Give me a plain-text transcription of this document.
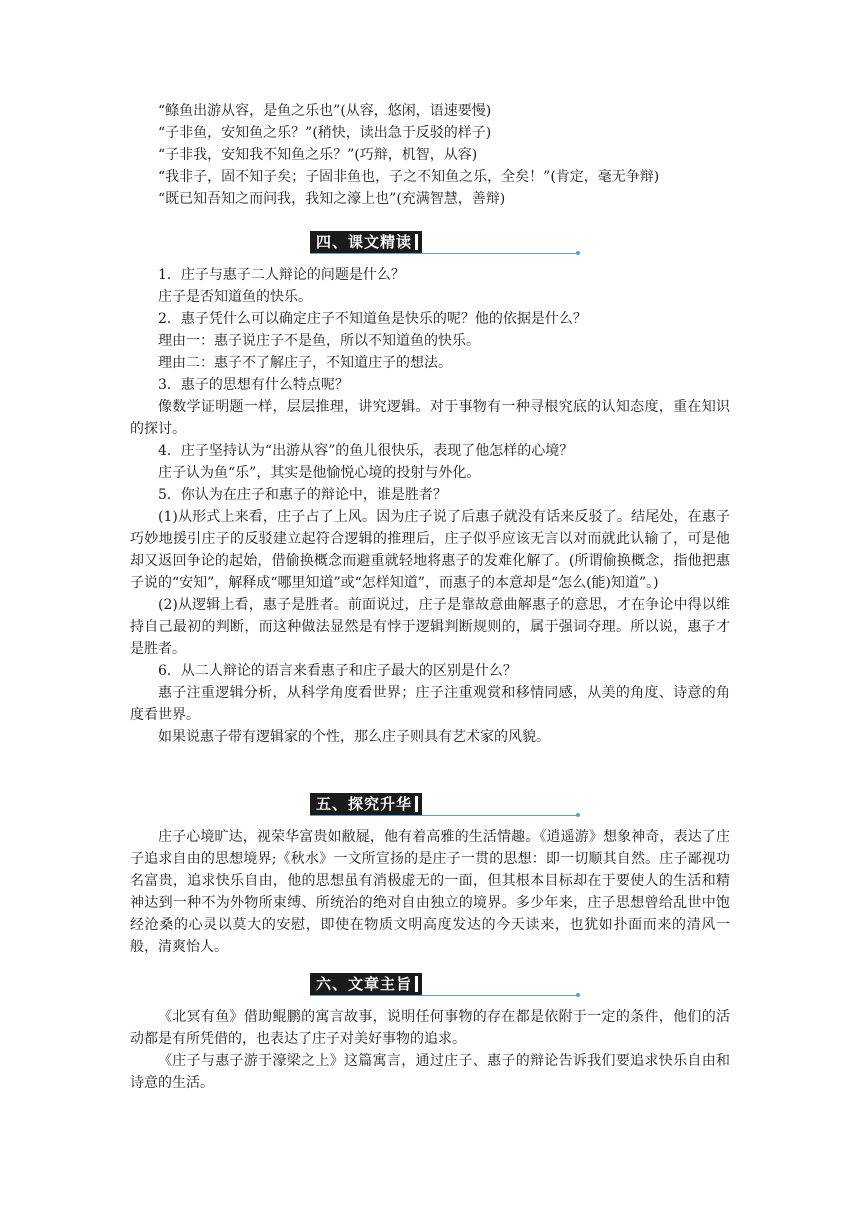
“鲦鱼出游从容，是鱼之乐也”(从容，悠闲，语速要慢)

“子非鱼，安知鱼之乐？”(稍快，读出急于反驳的样子)

“子非我，安知我不知鱼之乐？”(巧辩，机智，从容)

“我非子，固不知子矣；子固非鱼也，子之不知鱼之乐，全矣！”(肯定，毫无争辩)

“既已知吾知之而问我，我知之濠上也”(充满智慧，善辩)

四、课文精读

1．庄子与惠子二人辩论的问题是什么？

庄子是否知道鱼的快乐。

2．惠子凭什么可以确定庄子不知道鱼是快乐的呢？他的依据是什么？

理由一：惠子说庄子不是鱼，所以不知道鱼的快乐。

理由二：惠子不了解庄子，不知道庄子的想法。

3．惠子的思想有什么特点呢？

像数学证明题一样，层层推理，讲究逻辑。对于事物有一种寻根究底的认知态度，重在知识的探讨。

4．庄子坚持认为“出游从容”的鱼儿很快乐，表现了他怎样的心境？

庄子认为鱼“乐”，其实是他愉悦心境的投射与外化。

5．你认为在庄子和惠子的辩论中，谁是胜者？

(1)从形式上来看，庄子占了上风。因为庄子说了后惠子就没有话来反驳了。结尾处，在惠子巧妙地援引庄子的反驳建立起符合逻辑的推理后，庄子似乎应该无言以对而就此认输了，可是他却又返回争论的起始，借偷换概念而避重就轻地将惠子的发难化解了。(所谓偷换概念，指他把惠子说的“安知”，解释成“哪里知道”或“怎样知道”，而惠子的本意却是“怎么(能)知道”。)

(2)从逻辑上看，惠子是胜者。前面说过，庄子是靠故意曲解惠子的意思，才在争论中得以维持自己最初的判断，而这种做法显然是有悖于逻辑判断规则的，属于强词夺理。所以说，惠子才是胜者。

6．从二人辩论的语言来看惠子和庄子最大的区别是什么？

惠子注重逻辑分析，从科学角度看世界；庄子注重观赏和移情同感，从美的角度、诗意的角度看世界。

如果说惠子带有逻辑家的个性，那么庄子则具有艺术家的风貌。

五、探究升华

庄子心境旷达，视荣华富贵如敝屣，他有着高雅的生活情趣。《逍遥游》想象神奇，表达了庄子追求自由的思想境界;《秋水》一文所宣扬的是庄子一贯的思想：即一切顺其自然。庄子鄙视功名富贵，追求快乐自由，他的思想虽有消极虚无的一面，但其根本目标却在于要使人的生活和精神达到一种不为外物所束缚、所统治的绝对自由独立的境界。多少年来，庄子思想曾给乱世中饱经沧桑的心灵以莫大的安慰，即使在物质文明高度发达的今天读来，也犹如扑面而来的清风一般，清爽怡人。

六、文章主旨

《北冥有鱼》借助鲲鹏的寓言故事，说明任何事物的存在都是依附于一定的条件，他们的活动都是有所凭借的，也表达了庄子对美好事物的追求。

《庄子与惠子游于濠梁之上》这篇寓言，通过庄子、惠子的辩论告诉我们要追求快乐自由和诗意的生活。
